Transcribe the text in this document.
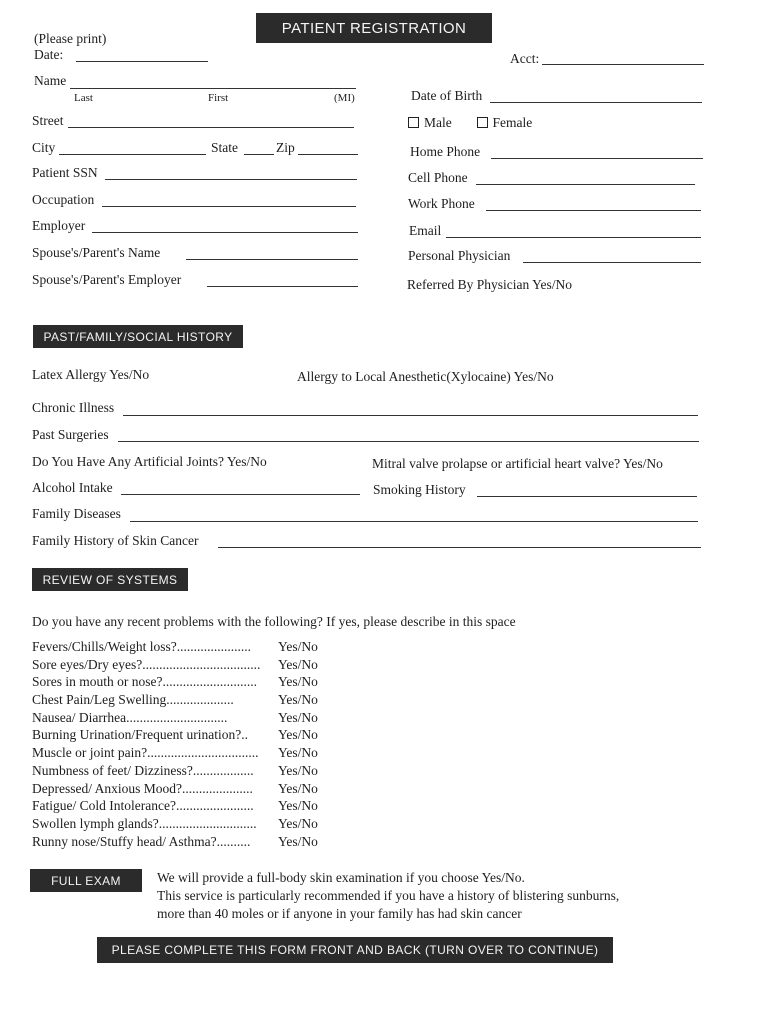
PATIENT REGISTRATION
(Please print)
Date:	Acct:
Name
Last	First	(MI)
Street
City	State	Zip
Patient SSN
Occupation
Employer
Spouse's/Parent's Name
Spouse's/Parent's Employer
Date of Birth
Male	Female
Home Phone
Cell Phone
Work Phone
Email
Personal Physician
Referred By Physician Yes/No
PAST/FAMILY/SOCIAL HISTORY
Latex Allergy Yes/No	Allergy to Local Anesthetic(Xylocaine) Yes/No
Chronic Illness
Past Surgeries
Do You Have Any Artificial Joints? Yes/No	Mitral valve prolapse or artificial heart valve? Yes/No
Alcohol Intake	Smoking History
Family Diseases
Family History of Skin Cancer
REVIEW OF SYSTEMS
Do you have any recent problems with the following? If yes, please describe in this space
Fevers/Chills/Weight loss?...................... Yes/No
Sore eyes/Dry eyes?................................... Yes/No
Sores in mouth or nose?............................ Yes/No
Chest Pain/Leg Swelling....................	Yes/No
Nausea/ Diarrhea..............................	Yes/No
Burning Urination/Frequent urination?.. Yes/No
Muscle or joint pain?................................. Yes/No
Numbness of feet/ Dizziness?.................. Yes/No
Depressed/ Anxious Mood?..................... Yes/No
Fatigue/ Cold Intolerance?....................... Yes/No
Swollen lymph glands?............................. Yes/No
Runny nose/Stuffy head/ Asthma?.......... Yes/No
FULL EXAM	We will provide a full-body skin examination if you choose Yes/No.
This service is particularly recommended if you have a history of blistering sunburns,
more than 40 moles or if anyone in your family has had skin cancer
PLEASE COMPLETE THIS FORM FRONT AND BACK (TURN OVER TO CONTINUE)
